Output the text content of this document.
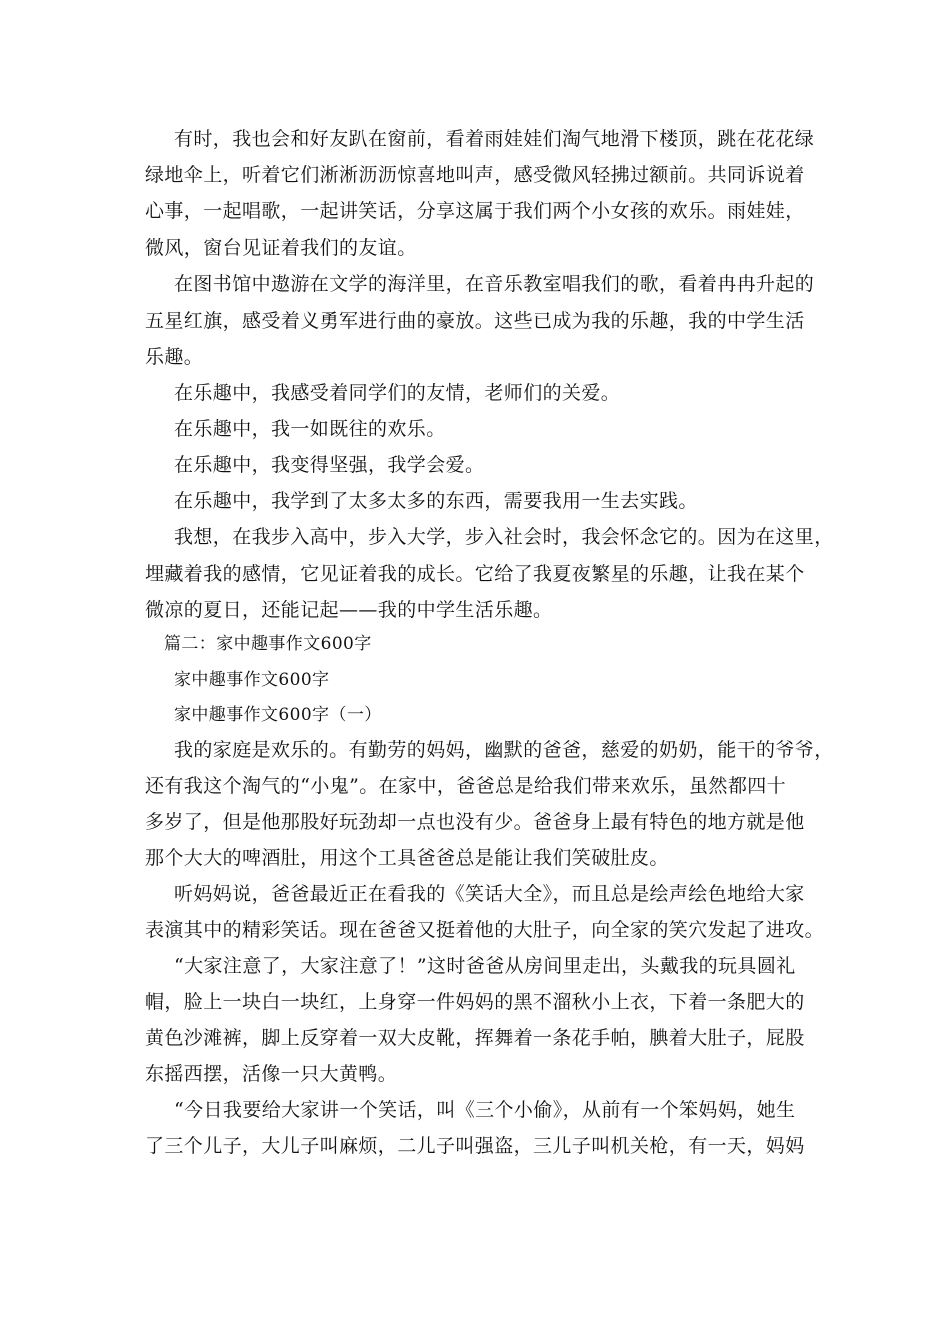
有时，我也会和好友趴在窗前，看着雨娃娃们淘气地滑下楼顶，跳在花花绿
绿地伞上，听着它们淅淅沥沥惊喜地叫声，感受微风轻拂过额前。共同诉说着
心事，一起唱歌，一起讲笑话，分享这属于我们两个小女孩的欢乐。雨娃娃，
微风，窗台见证着我们的友谊。
在图书馆中遨游在文学的海洋里，在音乐教室唱我们的歌，看着冉冉升起的
五星红旗，感受着义勇军进行曲的豪放。这些已成为我的乐趣，我的中学生活
乐趣。
在乐趣中，我感受着同学们的友情，老师们的关爱。
在乐趣中，我一如既往的欢乐。
在乐趣中，我变得坚强，我学会爱。
在乐趣中，我学到了太多太多的东西，需要我用一生去实践。
我想，在我步入高中，步入大学，步入社会时，我会怀念它的。因为在这里，
埋藏着我的感情，它见证着我的成长。它给了我夏夜繁星的乐趣，让我在某个
微凉的夏日，还能记起——我的中学生活乐趣。
篇二：家中趣事作文600字
家中趣事作文600字
家中趣事作文600字（一）
我的家庭是欢乐的。有勤劳的妈妈，幽默的爸爸，慈爱的奶奶，能干的爷爷，
还有我这个淘气的“小鬼”。在家中，爸爸总是给我们带来欢乐，虽然都四十
多岁了，但是他那股好玩劲却一点也没有少。爸爸身上最有特色的地方就是他
那个大大的啤酒肚，用这个工具爸爸总是能让我们笑破肚皮。
听妈妈说，爸爸最近正在看我的《笑话大全》，而且总是绘声绘色地给大家
表演其中的精彩笑话。现在爸爸又挺着他的大肚子，向全家的笑穴发起了进攻。
“大家注意了，大家注意了！”这时爸爸从房间里走出，头戴我的玩具圆礼
帽，脸上一块白一块红，上身穿一件妈妈的黑不溜秋小上衣，下着一条肥大的
黄色沙滩裤，脚上反穿着一双大皮靴，挥舞着一条花手帕，腆着大肚子，屁股
东摇西摆，活像一只大黄鸭。
“今日我要给大家讲一个笑话，叫《三个小偷》，从前有一个笨妈妈，她生
了三个儿子，大儿子叫麻烦，二儿子叫强盗，三儿子叫机关枪，有一天，妈妈
